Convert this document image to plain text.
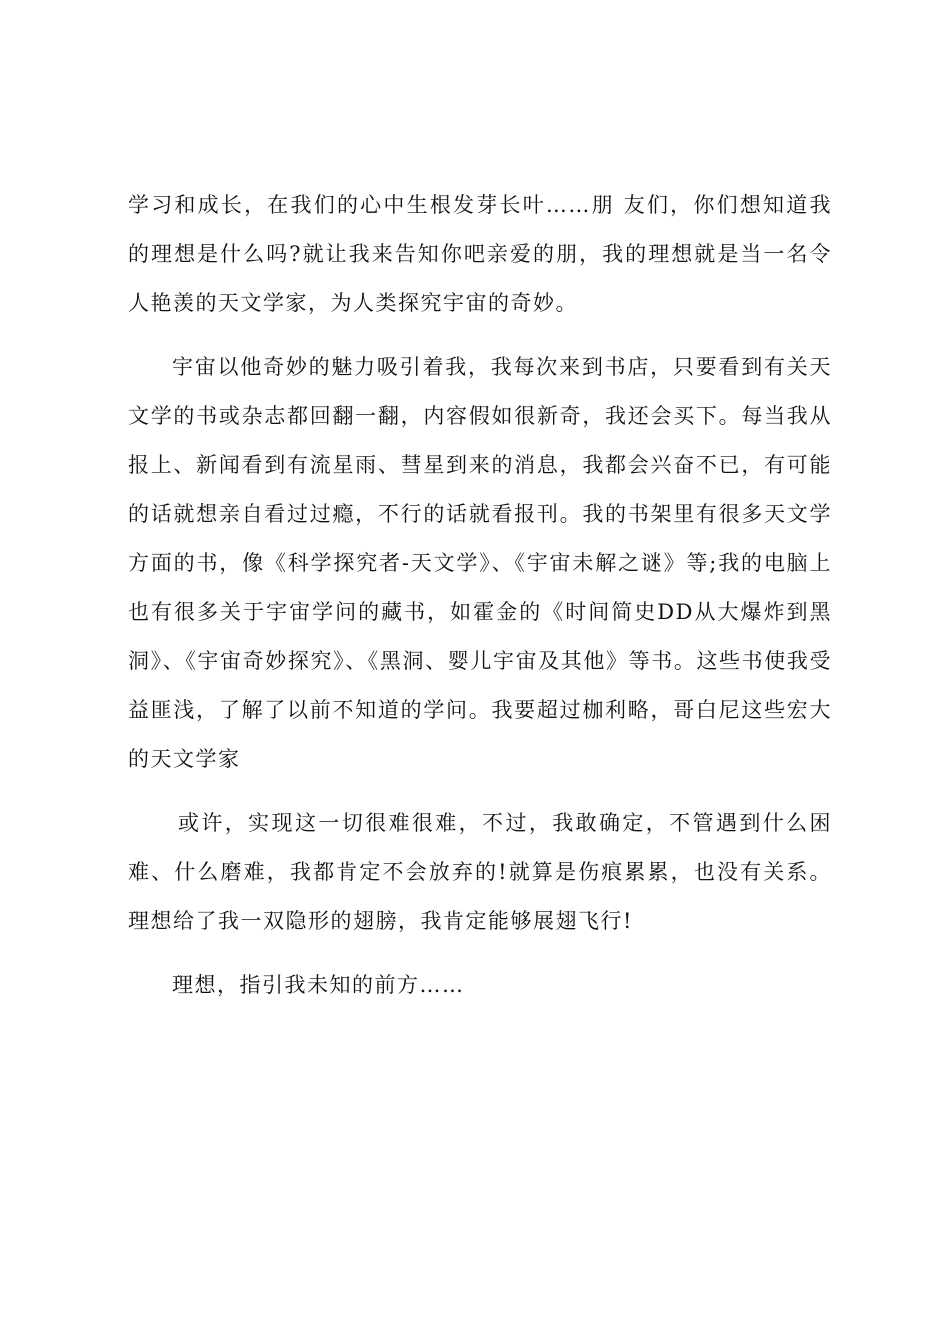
学习和成长，在我们的心中生根发芽长叶……朋 友们，你们想知道我的理想是什么吗?就让我来告知你吧亲爱的朋，我的理想就是当一名令人艳羡的天文学家，为人类探究宇宙的奇妙。

宇宙以他奇妙的魅力吸引着我，我每次来到书店，只要看到有关天文学的书或杂志都回翻一翻，内容假如很新奇，我还会买下。每当我从报上、新闻看到有流星雨、彗星到来的消息，我都会兴奋不已，有可能的话就想亲自看过过瘾，不行的话就看报刊。我的书架里有很多天文学方面的书，像《科学探究者-天文学》、《宇宙未解之谜》等;我的电脑上也有很多关于宇宙学问的藏书，如霍金的《时间简史DD从大爆炸到黑洞》、《宇宙奇妙探究》、《黑洞、婴儿宇宙及其他》等书。这些书使我受益匪浅，了解了以前不知道的学问。我要超过枷利略，哥白尼这些宏大的天文学家

或许，实现这一切很难很难，不过，我敢确定，不管遇到什么困难、什么磨难，我都肯定不会放弃的!就算是伤痕累累，也没有关系。理想给了我一双隐形的翅膀，我肯定能够展翅飞行!

理想，指引我未知的前方……
